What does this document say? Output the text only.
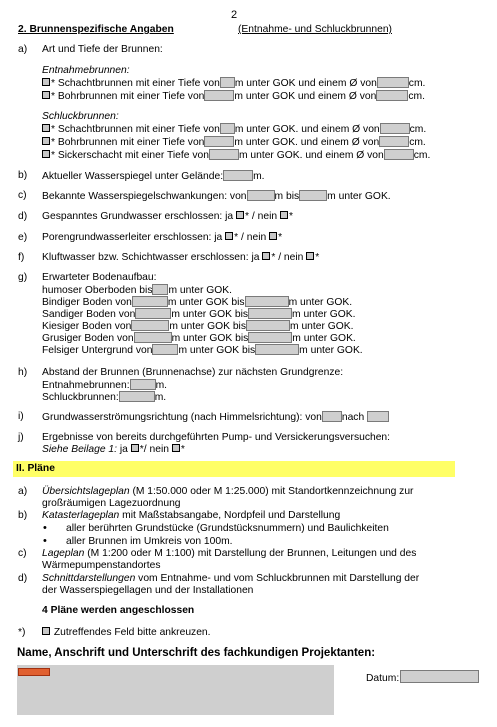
2
2. Brunnenspezifische Angaben	(Entnahme- und Schluckbrunnen)
a) Art und Tiefe der Brunnen:
Entnahmebrunnen:
* Schachtbrunnen mit einer Tiefe von m unter GOK und einem Ø von	cm.
* Bohrbrunnen mit einer Tiefe von	m unter GOK und einem Ø von	cm.
Schluckbrunnen:
* Schachtbrunnen mit einer Tiefe von m unter GOK. und einem Ø von	cm.
* Bohrbrunnen mit einer Tiefe von	m unter GOK. und einem Ø von	cm.
* Sickerschacht mit einer Tiefe von	m unter GOK. und einem Ø von	cm.
b) Aktueller Wasserspiegel unter Gelände:	m.
c) Bekannte Wasserspiegelschwankungen: von	m bis	m unter GOK.
d) Gespanntes Grundwasser erschlossen: ja * / nein *
e) Porengrundwasserleiter erschlossen: ja * / nein *
f) Kluftwasser bzw. Schichtwasser erschlossen: ja * / nein *
g) Erwarteter Bodenaufbau:
humoser Oberboden bis m unter GOK.
Bindiger Boden von	m unter GOK bis	m unter GOK.
Sandiger Boden von	m unter GOK bis	m unter GOK.
Kiesiger Boden von	m unter GOK bis	m unter GOK.
Grusiger Boden von	m unter GOK bis	m unter GOK.
Felsiger Untergrund von	m unter GOK bis	m unter GOK.
h) Abstand der Brunnen (Brunnenachse) zur nächsten Grundgrenze:
Entnahmebrunnen:	m.
Schluckbrunnen:	m.
i) Grundwasserströmungsrichtung (nach Himmelsrichtung): von nach
j) Ergebnisse von bereits durchgeführten Pump- und Versickerungsversuchen:
Siehe Beilage 1: ja */ nein *
II. Pläne
a) Übersichtslageplan (M 1:50.000 oder M 1:25.000) mit Standortkennzeichnung zur
großräumigen Lagezuordnung
b) Katasterlageplan mit Maßstabsangabe, Nordpfeil und Darstellung
• aller berührten Grundstücke (Grundstücksnummern) und Baulichkeiten
• aller Brunnen im Umkreis von 100m.
c) Lageplan (M 1:200 oder M 1:100) mit Darstellung der Brunnen, Leitungen und des
Wärmepumpenstandortes
d) Schnittdarstellungen vom Entnahme- und vom Schluckbrunnen mit Darstellung der
der Wasserspiegellagen und der Installationen
4 Pläne werden angeschlossen
*)	Zutreffendes Feld bitte ankreuzen.
Name, Anschrift und Unterschrift des fachkundigen Projektanten:
Datum:
